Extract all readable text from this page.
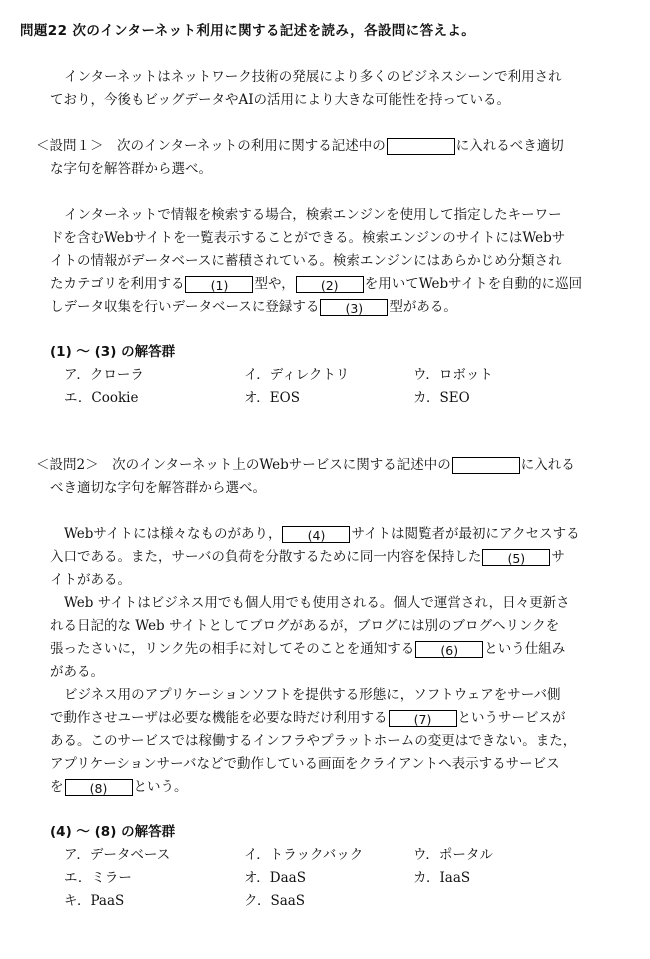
問題22 次のインターネット利用に関する記述を読み，各設問に答えよ。
インターネットはネットワーク技術の発展により多くのビジネスシーンで利用され
ており，今後もビッグデータやAIの活用により大きな可能性を持っている。
＜設問１＞　次のインターネットの利用に関する記述中の	に入れるべき適切
な字句を解答群から選べ。
インターネットで情報を検索する場合，検索エンジンを使用して指定したキーワー
ドを含むWebサイトを一覧表示することができる。検索エンジンのサイトにはWebサ
イトの情報がデータベースに蓄積されている。検索エンジンにはあらかじめ分類され
たカテゴリを利用する (1) 型や， (2) を用いてWebサイトを自動的に巡回
しデータ収集を行いデータベースに登録する (3) 型がある。
(1) ～ (3) の解答群
ア．クローラ	イ．ディレクトリ	ウ．ロボット
エ．Cookie	オ．EOS	カ．SEO
＜設問2＞　次のインターネット上のWebサービスに関する記述中の	に入れる
べき適切な字句を解答群から選べ。
Webサイトには様々なものがあり， (4) サイトは閲覧者が最初にアクセスする
入口である。また，サーバの負荷を分散するために同一内容を保持した (5) サ
イトがある。
Web サイトはビジネス用でも個人用でも使用される。個人で運営され，日々更新さ
れる日記的な Web サイトとしてブログがあるが，ブログには別のブログへリンクを
張ったさいに，リンク先の相手に対してそのことを通知する (6) という仕組み
がある。
ビジネス用のアプリケーションソフトを提供する形態に，ソフトウェアをサーバ側
で動作させユーザは必要な機能を必要な時だけ利用する (7) というサービスが
ある。このサービスでは稼働するインフラやプラットホームの変更はできない。また，
アプリケーションサーバなどで動作している画面をクライアントへ表示するサービス
を (8) という。
(4) ～ (8) の解答群
ア．データベース	イ．トラックバック	ウ．ポータル
エ．ミラー	オ．DaaS	カ．IaaS
キ．PaaS	ク．SaaS
